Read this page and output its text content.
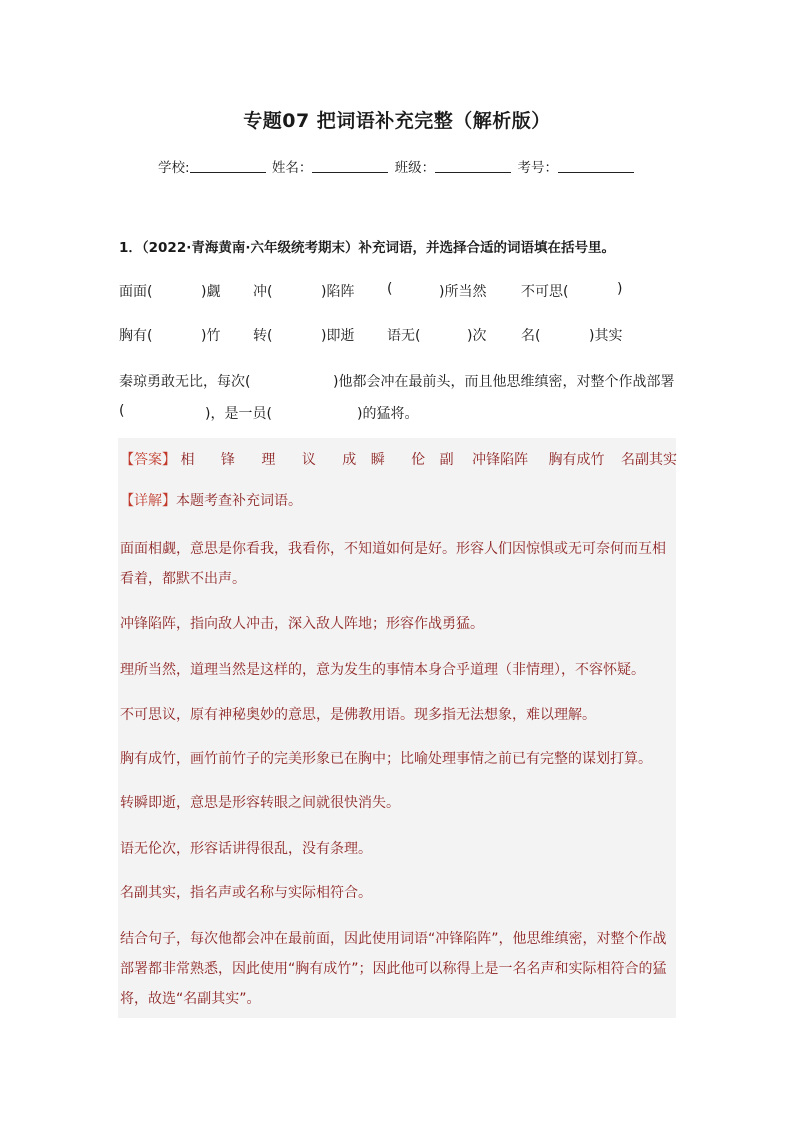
专题07 把词语补充完整（解析版）
学校:	姓名：	班级：	考号：
1．（2022·青海黄南·六年级统考期末）补充词语，并选择合适的词语填在括号里。
面面(	)觑 冲(	)陷阵 (	)所当然 不可思(	)
胸有(	)竹 转(	)即逝 语无(	)次 名(	)其实
秦琼勇敢无比，每次(	)他都会冲在最前头，而且他思维缜密，对整个作战部署
(	)，是一员(	)的猛将。
【答案】 相 锋 理 议 成 瞬 伦 副 冲锋陷阵 胸有成竹 名副其实
【详解】本题考查补充词语。
面面相觑，意思是你看我，我看你，不知道如何是好。形容人们因惊惧或无可奈何而互相看着，都默不出声。
冲锋陷阵，指向敌人冲击，深入敌人阵地；形容作战勇猛。
理所当然，道理当然是这样的，意为发生的事情本身合乎道理（非情理），不容怀疑。
不可思议，原有神秘奥妙的意思，是佛教用语。现多指无法想象，难以理解。
胸有成竹，画竹前竹子的完美形象已在胸中；比喻处理事情之前已有完整的谋划打算。
转瞬即逝，意思是形容转眼之间就很快消失。
语无伦次，形容话讲得很乱，没有条理。
名副其实，指名声或名称与实际相符合。
结合句子，每次他都会冲在最前面，因此使用词语“冲锋陷阵”，他思维缜密，对整个作战部署都非常熟悉，因此使用“胸有成竹”；因此他可以称得上是一名名声和实际相符合的猛将，故选“名副其实”。
